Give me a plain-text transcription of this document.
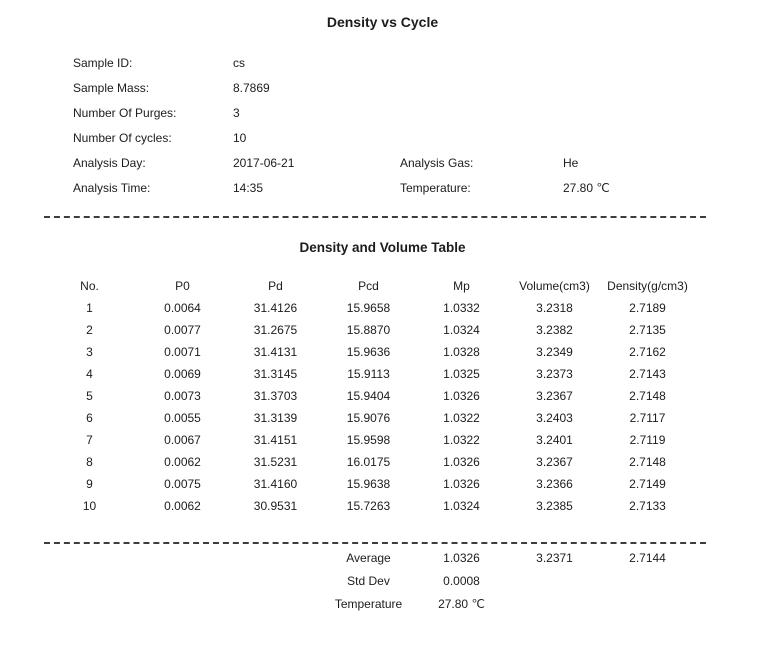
Density vs Cycle
Sample ID:	cs
Sample Mass:	8.7869
Number Of Purges:	3
Number Of cycles:	10
Analysis Day:	2017-06-21	Analysis Gas:	He
Analysis Time:	14:35	Temperature:	27.80 ℃
Density and Volume Table
No.	P0	Pd	Pcd	Mp	Volume(cm3)	Density(g/cm3)
1	0.0064	31.4126	15.9658	1.0332	3.2318	2.7189
2	0.0077	31.2675	15.8870	1.0324	3.2382	2.7135
3	0.0071	31.4131	15.9636	1.0328	3.2349	2.7162
4	0.0069	31.3145	15.9113	1.0325	3.2373	2.7143
5	0.0073	31.3703	15.9404	1.0326	3.2367	2.7148
6	0.0055	31.3139	15.9076	1.0322	3.2403	2.7117
7	0.0067	31.4151	15.9598	1.0322	3.2401	2.7119
8	0.0062	31.5231	16.0175	1.0326	3.2367	2.7148
9	0.0075	31.4160	15.9638	1.0326	3.2366	2.7149
10	0.0062	30.9531	15.7263	1.0324	3.2385	2.7133
			Average	1.0326	3.2371	2.7144
			Std Dev	0.0008		
			Temperature	27.80 ℃		
